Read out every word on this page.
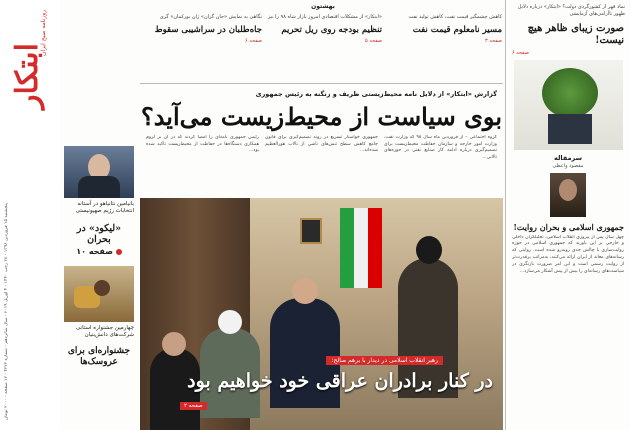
ابتکار
روزنامه صبح ایران
پنجشنبه ۱۵ فروردین ۱۳۹۸ - ۲۸ رجب ۱۴۴۰ - ۴ آوریل ۲۰۱۹ - سال شانزدهم - شماره ۴۲۲۲ - ۱۲ صفحه - ۲۰۰۰ تومان	بانیامین نتانیاهو در آستانه انتخابات رژیم صهیونیستی
«لیکود» در بحران
صفحه ۱۰
چهارمین جشنواره استانی شرکت‌های دانش‌بنیان
جشنواره‌ای برای عروسک‌ها
بهشتون
«ابتکار» از مشکلات اقتصادی امروز بازار شاه ۹۸ را نیز
تنظیم بودجه روی ریل تحریم
صفحه ۵
نگاهی به نمایش «جان گزان» ژان بورکمان» گری
جاه‌طلبان در سراشیبی سقوط
صفحه ۶
کاهش چشمگیر قیمت نفت، کاهش تولید نفت
مسیر نامعلوم قیمت نفت
صفحه ۳
گزارش «ابتکار» از دلایل نامه محیط‌زیستی ظریف و زنگنه به رئیس جمهوری
بوی سیاست از محیط‌زیست می‌آید؟
گروه اجتماعی – از فروردین ماه سال ۹۸ که وزارت نفت، وزارت امور خارجه و سازمان حفاظت محیط‌زیست برای تصمیم‌گیری درباره ادامه کار صنایع نفتی در حوزه‌های تالابی...
جمهوری خواستار تسریع در روند تصمیم‌گیری برای قانون جامع کاهش سطح تنش‌های ناشی از تالاب هورالعظیم شده‌اند...
رئیس جمهوری نامه‌ای را امضا کردند که در آن بر لزوم همکاری دستگاه‌ها در حفاظت از محیط‌زیست تاکید شده بود...
رهبر انقلاب اسلامی در دیدار با برهم صالح:
در کنار برادران عراقی خود خواهیم بود
صفحه ۲
نماد قهر از کشورگردی دولت؟ «ابتکار» درباره دلایل ظهور ناآرامی‌های آزمایشی
صورت زیبای ظاهر هیچ نیست!
صفحه ۶
سرمقاله
مقصود واعظی
جمهوری اسلامی و بحران روایت!
چهل سال پس از پیروزی انقلاب اسلامی، تحلیلگران داخلی و خارجی بر این باورند که جمهوری اسلامی در حوزه روایت‌سازی با چالش جدی روبه‌رو شده است. روایتی که رسانه‌های معاند از ایران ارائه می‌کنند، به‌مراتب پرقدرت‌تر از روایت رسمی است و این امر ضرورت بازنگری در سیاست‌های رسانه‌ای را بیش از پیش آشکار می‌سازد...
